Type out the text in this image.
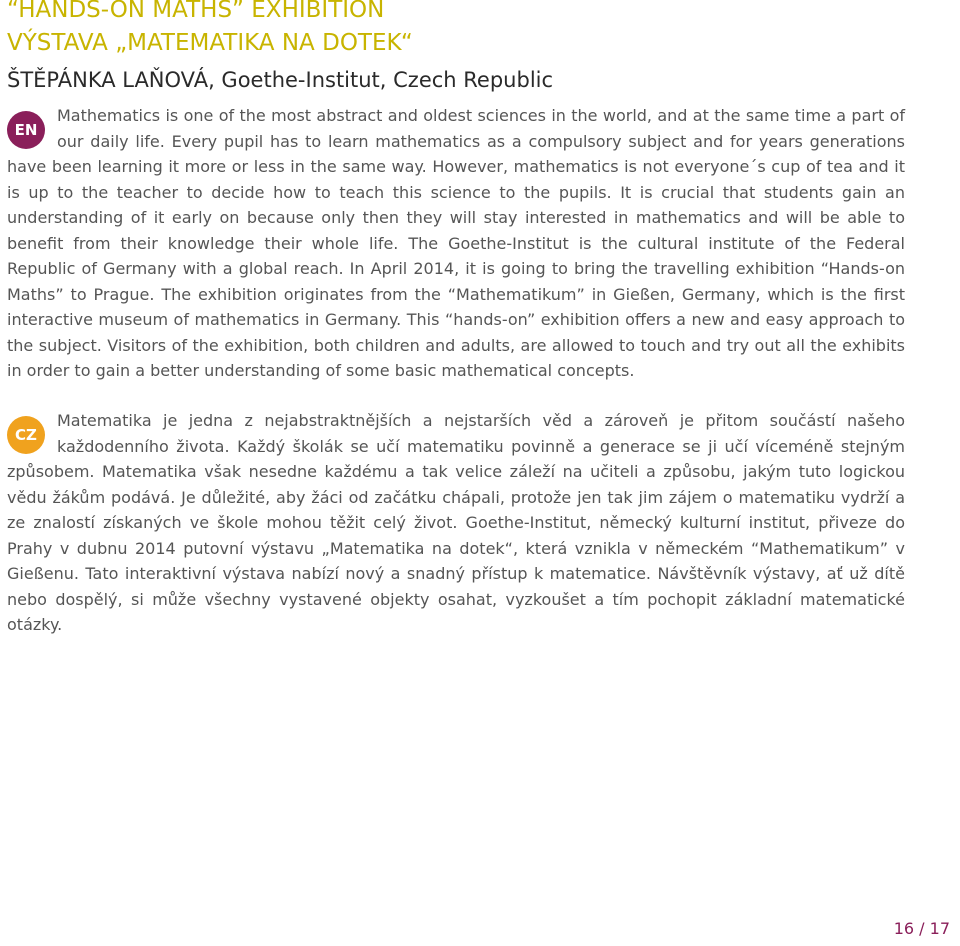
“HANDS-ON MATHS” EXHIBITION
VÝSTAVA „MATEMATIKA NA DOTEK“
ŠTĚPÁNKA LAŇOVÁ, Goethe-Institut, Czech Republic
EN

Mathematics is one of the most abstract and oldest sciences in the world, and at the same time a part of our daily life. Every pupil has to learn mathematics as a compulsory subject and for years generations have been learning it more or less in the same way. However, mathematics is not everyone´s cup of tea and it is up to the teacher to decide how to teach this science to the pupils. It is crucial that students gain an understanding of it early on because only then they will stay interested in mathematics and will be able to benefit from their knowledge their whole life. The Goethe-Institut is the cultural institute of the Federal Republic of Germany with a global reach. In April 2014, it is going to bring the travelling exhibition “Hands-on Maths” to Prague. The exhibition originates from the “Mathematikum” in Gießen, Germany, which is the first interactive museum of mathematics in Germany. This “hands-on” exhibition offers a new and easy approach to the subject. Visitors of the exhibition, both children and adults, are allowed to touch and try out all the exhibits in order to gain a better understanding of some basic mathematical concepts.

CZ

Matematika je jedna z nejabstraktnějších a nejstarších věd a zároveň je přitom součástí našeho každodenního života. Každý školák se učí matematiku povinně a generace se ji učí víceméně stejným způsobem. Matematika však nesedne každému a tak velice záleží na učiteli a způsobu, jakým tuto logickou vědu žákům podává. Je důležité, aby žáci od začátku chápali, protože jen tak jim zájem o matematiku vydrží a ze znalostí získaných ve škole mohou těžit celý život. Goethe-Institut, německý kulturní institut, přiveze do Prahy v dubnu 2014 putovní výstavu „Matematika na dotek“, která vznikla v německém “Mathematikum” v Gießenu. Tato interaktivní výstava nabízí nový a snadný přístup k matematice. Návštěvník výstavy, ať už dítě nebo dospělý, si může všechny vystavené objekty osahat, vyzkoušet a tím pochopit základní matematické otázky.

16 / 17
